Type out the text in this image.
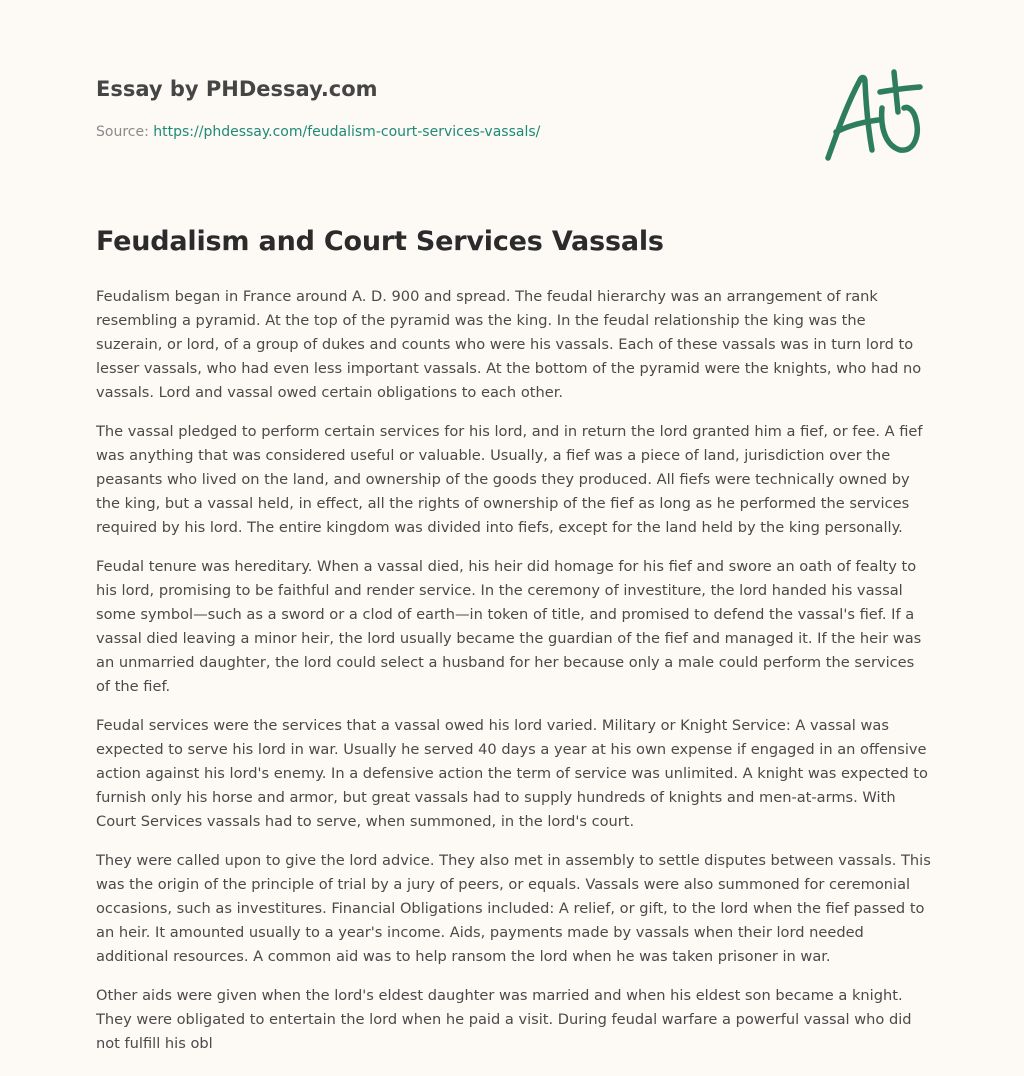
Essay by PHDessay.com

Source: https://phdessay.com/feudalism-court-services-vassals/

Feudalism and Court Services Vassals

Feudalism began in France around A. D. 900 and spread. The feudal hierarchy was an arrangement of rank resembling a pyramid. At the top of the pyramid was the king. In the feudal relationship the king was the suzerain, or lord, of a group of dukes and counts who were his vassals. Each of these vassals was in turn lord to lesser vassals, who had even less important vassals. At the bottom of the pyramid were the knights, who had no vassals. Lord and vassal owed certain obligations to each other.

The vassal pledged to perform certain services for his lord, and in return the lord granted him a fief, or fee. A fief was anything that was considered useful or valuable. Usually, a fief was a piece of land, jurisdiction over the peasants who lived on the land, and ownership of the goods they produced. All fiefs were technically owned by the king, but a vassal held, in effect, all the rights of ownership of the fief as long as he performed the services required by his lord. The entire kingdom was divided into fiefs, except for the land held by the king personally.

Feudal tenure was hereditary. When a vassal died, his heir did homage for his fief and swore an oath of fealty to his lord, promising to be faithful and render service. In the ceremony of investiture, the lord handed his vassal some symbol—such as a sword or a clod of earth—in token of title, and promised to defend the vassal's fief. If a vassal died leaving a minor heir, the lord usually became the guardian of the fief and managed it. If the heir was an unmarried daughter, the lord could select a husband for her because only a male could perform the services of the fief.

Feudal services were the services that a vassal owed his lord varied. Military or Knight Service: A vassal was expected to serve his lord in war. Usually he served 40 days a year at his own expense if engaged in an offensive action against his lord's enemy. In a defensive action the term of service was unlimited. A knight was expected to furnish only his horse and armor, but great vassals had to supply hundreds of knights and men-at-arms. With Court Services vassals had to serve, when summoned, in the lord's court.

They were called upon to give the lord advice. They also met in assembly to settle disputes between vassals. This was the origin of the principle of trial by a jury of peers, or equals. Vassals were also summoned for ceremonial occasions, such as investitures. Financial Obligations included: A relief, or gift, to the lord when the fief passed to an heir. It amounted usually to a year's income. Aids, payments made by vassals when their lord needed additional resources. A common aid was to help ransom the lord when he was taken prisoner in war.

Other aids were given when the lord's eldest daughter was married and when his eldest son became a knight. They were obligated to entertain the lord when he paid a visit. During feudal warfare a powerful vassal who did not fulfill his obl
